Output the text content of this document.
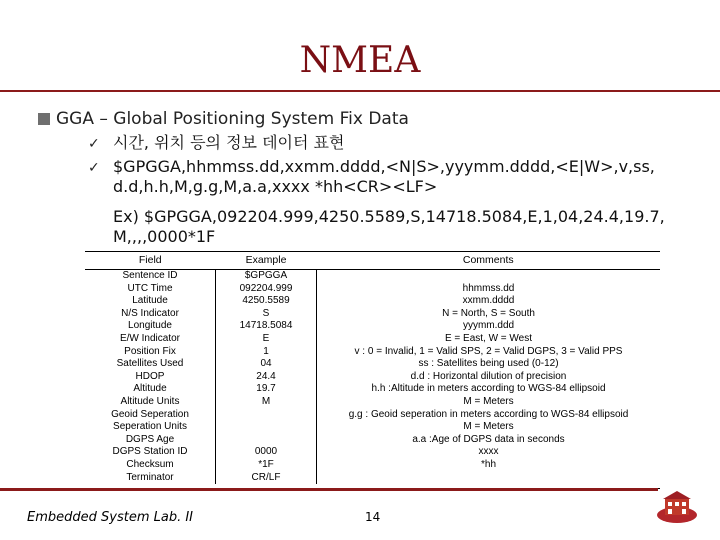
NMEA
GGA – Global Positioning System Fix Data
✓ 시간, 위치 등의 정보 데이터 표현
✓ $GPGGA,hhmmss.dd,xxmm.dddd,<N|S>,yyymm.dddd,<E|W>,v,ss,d.d,h.h,M,g.g,M,a.a,xxxx *hh<CR><LF>
Ex) $GPGGA,092204.999,4250.5589,S,14718.5084,E,1,04,24.4,19.7,M,,,,0000*1F
Field	Example	Comments
Sentence ID	$GPGGA	
UTC Time	092204.999	hhmmss.dd
Latitude	4250.5589	xxmm.dddd
N/S Indicator	S	N = North, S = South
Longitude	14718.5084	yyymm.ddd
E/W Indicator	E	E = East, W = West
Position Fix	1	v : 0 = Invalid, 1 = Valid SPS, 2 = Valid DGPS, 3 = Valid PPS
Satellites Used	04	ss : Satellites being used (0-12)
HDOP	24.4	d.d : Horizontal dilution of precision
Altitude	19.7	h.h :Altitude in meters according to WGS-84 ellipsoid
Altitude Units	M	M = Meters
Geoid Seperation		g.g : Geoid seperation in meters according to WGS-84 ellipsoid
Seperation Units		M = Meters
DGPS Age		a.a :Age of DGPS data in seconds
DGPS Station ID	0000	xxxx
Checksum	*1F	*hh
Terminator	CR/LF	
Embedded System Lab. II	14
